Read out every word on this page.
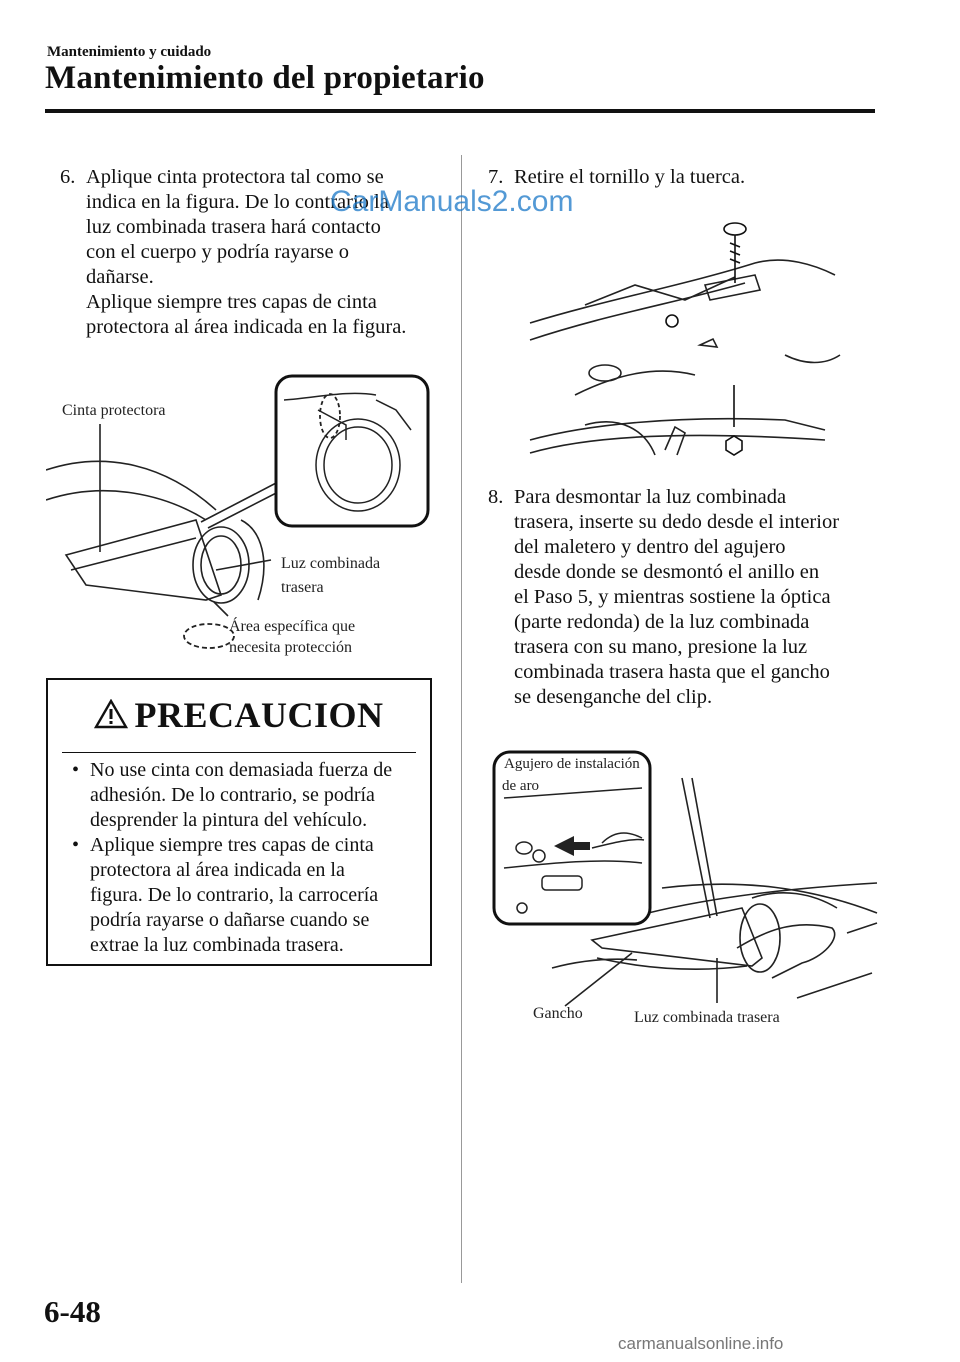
Mantenimiento y cuidado
Mantenimiento del propietario
6. Aplique cinta protectora tal como se

indica en la figura. De lo contrario la

luz combinada trasera hará contacto

con el cuerpo y podría rayarse o

dañarse.

Aplique siempre tres capas de cinta

protectora al área indicada en la figura.

Cinta protectora
Luz combinada
trasera
Área específica que
necesita protección
PRECAUCION
• No use cinta con demasiada fuerza de
adhesión. De lo contrario, se podría
desprender la pintura del vehículo.
• Aplique siempre tres capas de cinta
protectora al área indicada en la
figura. De lo contrario, la carrocería
podría rayarse o dañarse cuando se
extrae la luz combinada trasera.
7. Retire el tornillo y la tuerca.
8. Para desmontar la luz combinada

trasera, inserte su dedo desde el interior

del maletero y dentro del agujero

desde donde se desmontó el anillo en

el Paso 5, y mientras sostiene la óptica

(parte redonda) de la luz combinada

trasera con su mano, presione la luz

combinada trasera hasta que el gancho

se desenganche del clip.

Agujero de instalación
de aro
Gancho	Luz combinada trasera
6-48
CarManuals2.com
carmanualsonline.info
